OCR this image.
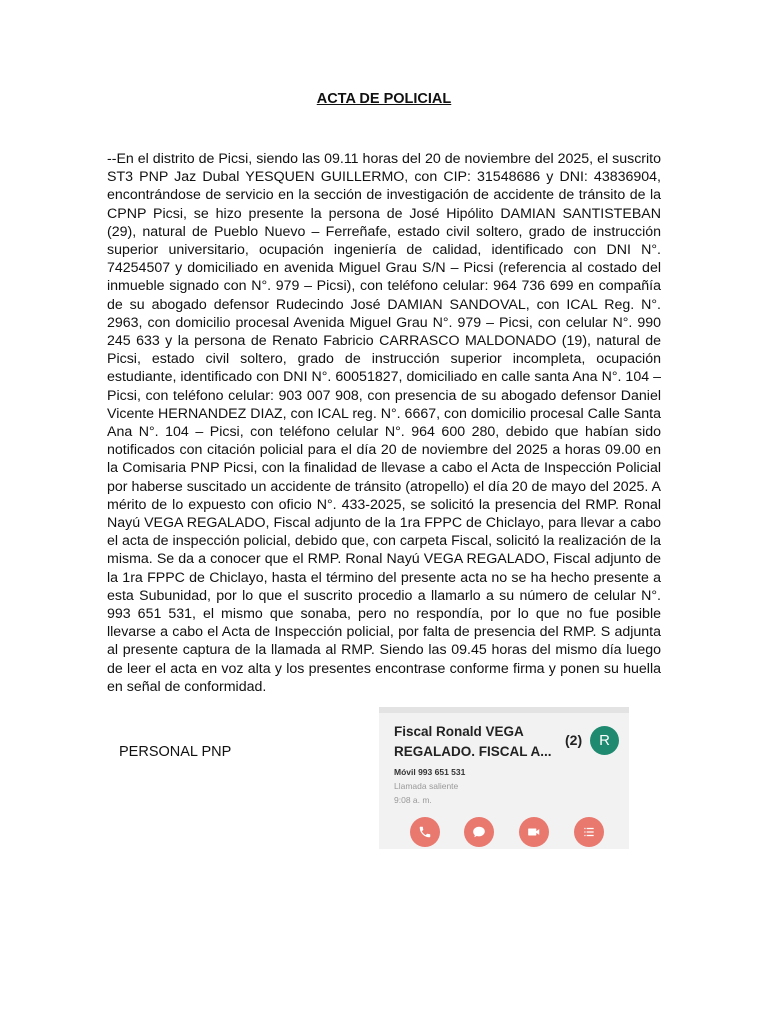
ACTA DE POLICIAL

--En el distrito de Picsi, siendo las 09.11 horas del 20 de noviembre del 2025, el suscrito ST3 PNP Jaz Dubal YESQUEN GUILLERMO, con CIP: 31548686 y DNI: 43836904, encontrándose de servicio en la sección de investigación de accidente de tránsito de la CPNP Picsi, se hizo presente la persona de José Hipólito DAMIAN SANTISTEBAN (29), natural de Pueblo Nuevo – Ferreñafe, estado civil soltero, grado de instrucción superior universitario, ocupación ingeniería de calidad, identificado con DNI N°. 74254507 y domiciliado en avenida Miguel Grau S/N – Picsi (referencia al costado del inmueble signado con N°. 979 – Picsi), con teléfono celular: 964 736 699 en compañía de su abogado defensor Rudecindo José DAMIAN SANDOVAL, con ICAL Reg. N°. 2963, con domicilio procesal Avenida Miguel Grau N°. 979 – Picsi, con celular N°. 990 245 633 y la persona de Renato Fabricio CARRASCO MALDONADO (19), natural de Picsi, estado civil soltero, grado de instrucción superior incompleta, ocupación estudiante, identificado con DNI N°. 60051827, domiciliado en calle santa Ana N°. 104 – Picsi, con teléfono celular: 903 007 908, con presencia de su abogado defensor Daniel Vicente HERNANDEZ DIAZ, con ICAL reg. N°. 6667, con domicilio procesal Calle Santa Ana N°. 104 – Picsi, con teléfono celular N°. 964 600 280, debido que habían sido notificados con citación policial para el día 20 de noviembre del 2025 a horas 09.00 en la Comisaria PNP Picsi, con la finalidad de llevase a cabo el Acta de Inspección Policial por haberse suscitado un accidente de tránsito (atropello) el día 20 de mayo del 2025. A mérito de lo expuesto con oficio N°. 433-2025, se solicitó la presencia del RMP. Ronal Nayú VEGA REGALADO, Fiscal adjunto de la 1ra FPPC de Chiclayo, para llevar a cabo el acta de inspección policial, debido que, con carpeta Fiscal, solicitó la realización de la misma. Se da a conocer que el RMP. Ronal Nayú VEGA REGALADO, Fiscal adjunto de la 1ra FPPC de Chiclayo, hasta el término del presente acta no se ha hecho presente a esta Subunidad, por lo que el suscrito procedio a llamarlo a su número de celular N°. 993 651 531, el mismo que sonaba, pero no respondía, por lo que no fue posible llevarse a cabo el Acta de Inspección policial, por falta de presencia del RMP. S adjunta al presente captura de la llamada al RMP. Siendo las 09.45 horas del mismo día luego de leer el acta en voz alta y los presentes encontrase conforme firma y ponen su huella en señal de conformidad.

PERSONAL PNP

Fiscal Ronald VEGA REGALADO. FISCAL A...
(2)	R
Móvil 993 651 531
Llamada saliente
9:08 a. m.
